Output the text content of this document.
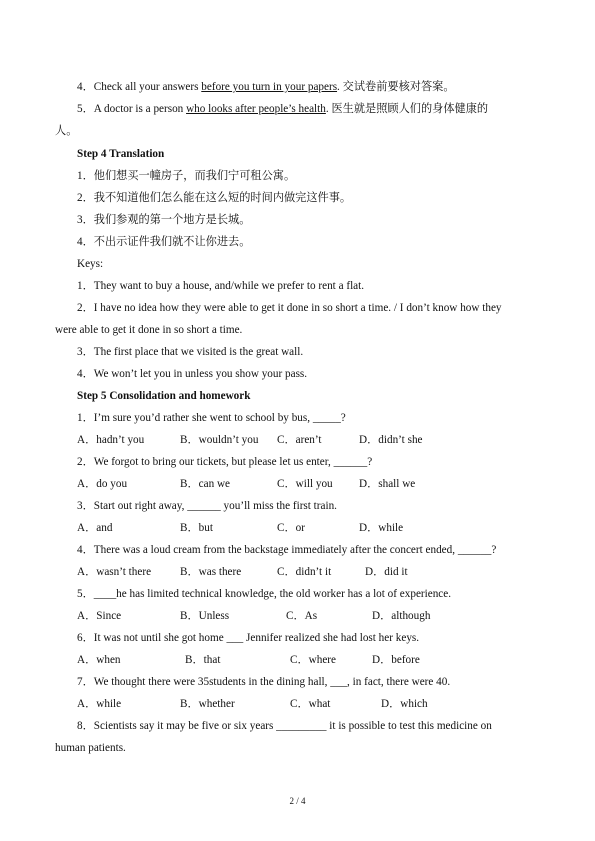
4．Check all your answers before you turn in your papers. 交试卷前要核对答案。
5．A doctor is a person who looks after people’s health. 医生就是照顾人们的身体健康的
人。
Step 4 Translation
1．他们想买一幢房子，而我们宁可租公寓。
2．我不知道他们怎么能在这么短的时间内做完这件事。
3．我们参观的第一个地方是长城。
4．不出示证件我们就不让你进去。
Keys:
1．They want to buy a house, and/while we prefer to rent a flat.
2．I have no idea how they were able to get it done in so short a time. / I don’t know how they
were able to get it done in so short a time.
3．The first place that we visited is the great wall.
4．We won’t let you in unless you show your pass.
Step 5 Consolidation and homework
1．I’m sure you’d rather she went to school by bus, _____?
A．hadn’t you	B．wouldn’t you C．aren’t	D．didn’t she
2．We forgot to bring our tickets, but please let us enter, ______?
A．do you	B．can we	C．will you D．shall we
3．Start out right away, ______ you’ll miss the first train.
A．and	B．but	C．or	D．while
4．There was a loud cream from the backstage immediately after the concert ended, ______?
A．wasn’t there	B．was there	C．didn’t it	D．did it
5．____he has limited technical knowledge, the old worker has a lot of experience.
A．Since	B．Unless	C．As	D．although
6．It was not until she got home ___ Jennifer realized she had lost her keys.
A．when	B．that	C．where	D．before
7．We thought there were 35students in the dining hall, ___, in fact, there were 40.
A．while	B．whether	C．what	D．which
8．Scientists say it may be five or six years _________ it is possible to test this medicine on
human patients.
2 / 4
